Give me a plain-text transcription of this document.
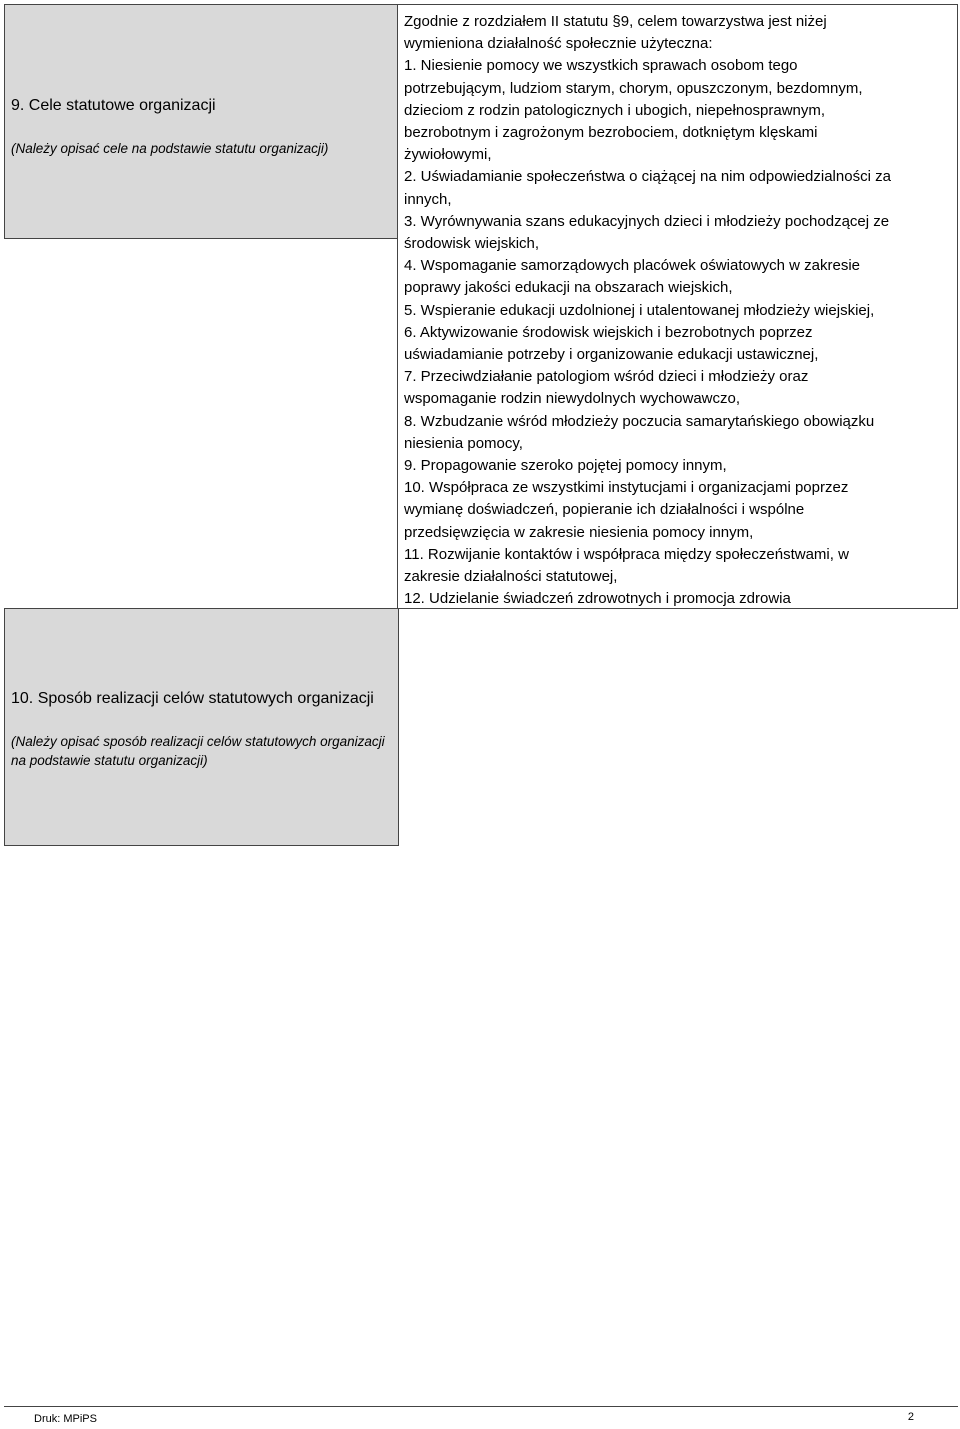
9. Cele statutowe organizacji
(Należy opisać cele na podstawie statutu organizacji)
Zgodnie z rozdziałem II statutu §9, celem towarzystwa jest niżej
wymieniona działalność społecznie użyteczna:
1. Niesienie pomocy we wszystkich sprawach osobom tego
potrzebującym, ludziom starym, chorym, opuszczonym, bezdomnym,
dzieciom z rodzin patologicznych i ubogich, niepełnosprawnym,
bezrobotnym i zagrożonym bezrobociem, dotkniętym klęskami
żywiołowymi,
2. Uświadamianie społeczeństwa o ciążącej na nim odpowiedzialności za
innych,
3. Wyrównywania szans edukacyjnych dzieci i młodzieży pochodzącej ze
środowisk wiejskich,
4. Wspomaganie samorządowych placówek oświatowych w zakresie
poprawy jakości edukacji na obszarach wiejskich,
5. Wspieranie edukacji uzdolnionej i utalentowanej młodzieży wiejskiej,
6. Aktywizowanie środowisk wiejskich i bezrobotnych poprzez
uświadamianie potrzeby i organizowanie edukacji ustawicznej,
7. Przeciwdziałanie patologiom wśród dzieci i młodzieży oraz
wspomaganie rodzin niewydolnych wychowawczo,
8. Wzbudzanie wśród młodzieży poczucia samarytańskiego obowiązku
niesienia pomocy,
9. Propagowanie szeroko pojętej pomocy innym,
10. Współpraca ze wszystkimi instytucjami i organizacjami poprzez
wymianę doświadczeń, popieranie ich działalności i wspólne
przedsięwzięcia w zakresie niesienia pomocy innym,
11. Rozwijanie kontaktów i współpraca między społeczeństwami, w
zakresie działalności statutowej,
12. Udzielanie świadczeń zdrowotnych i promocja zdrowia
10. Sposób realizacji celów statutowych organizacji
(Należy opisać sposób realizacji celów statutowych organizacji na podstawie statutu organizacji)
Druk: MPiPS	2
